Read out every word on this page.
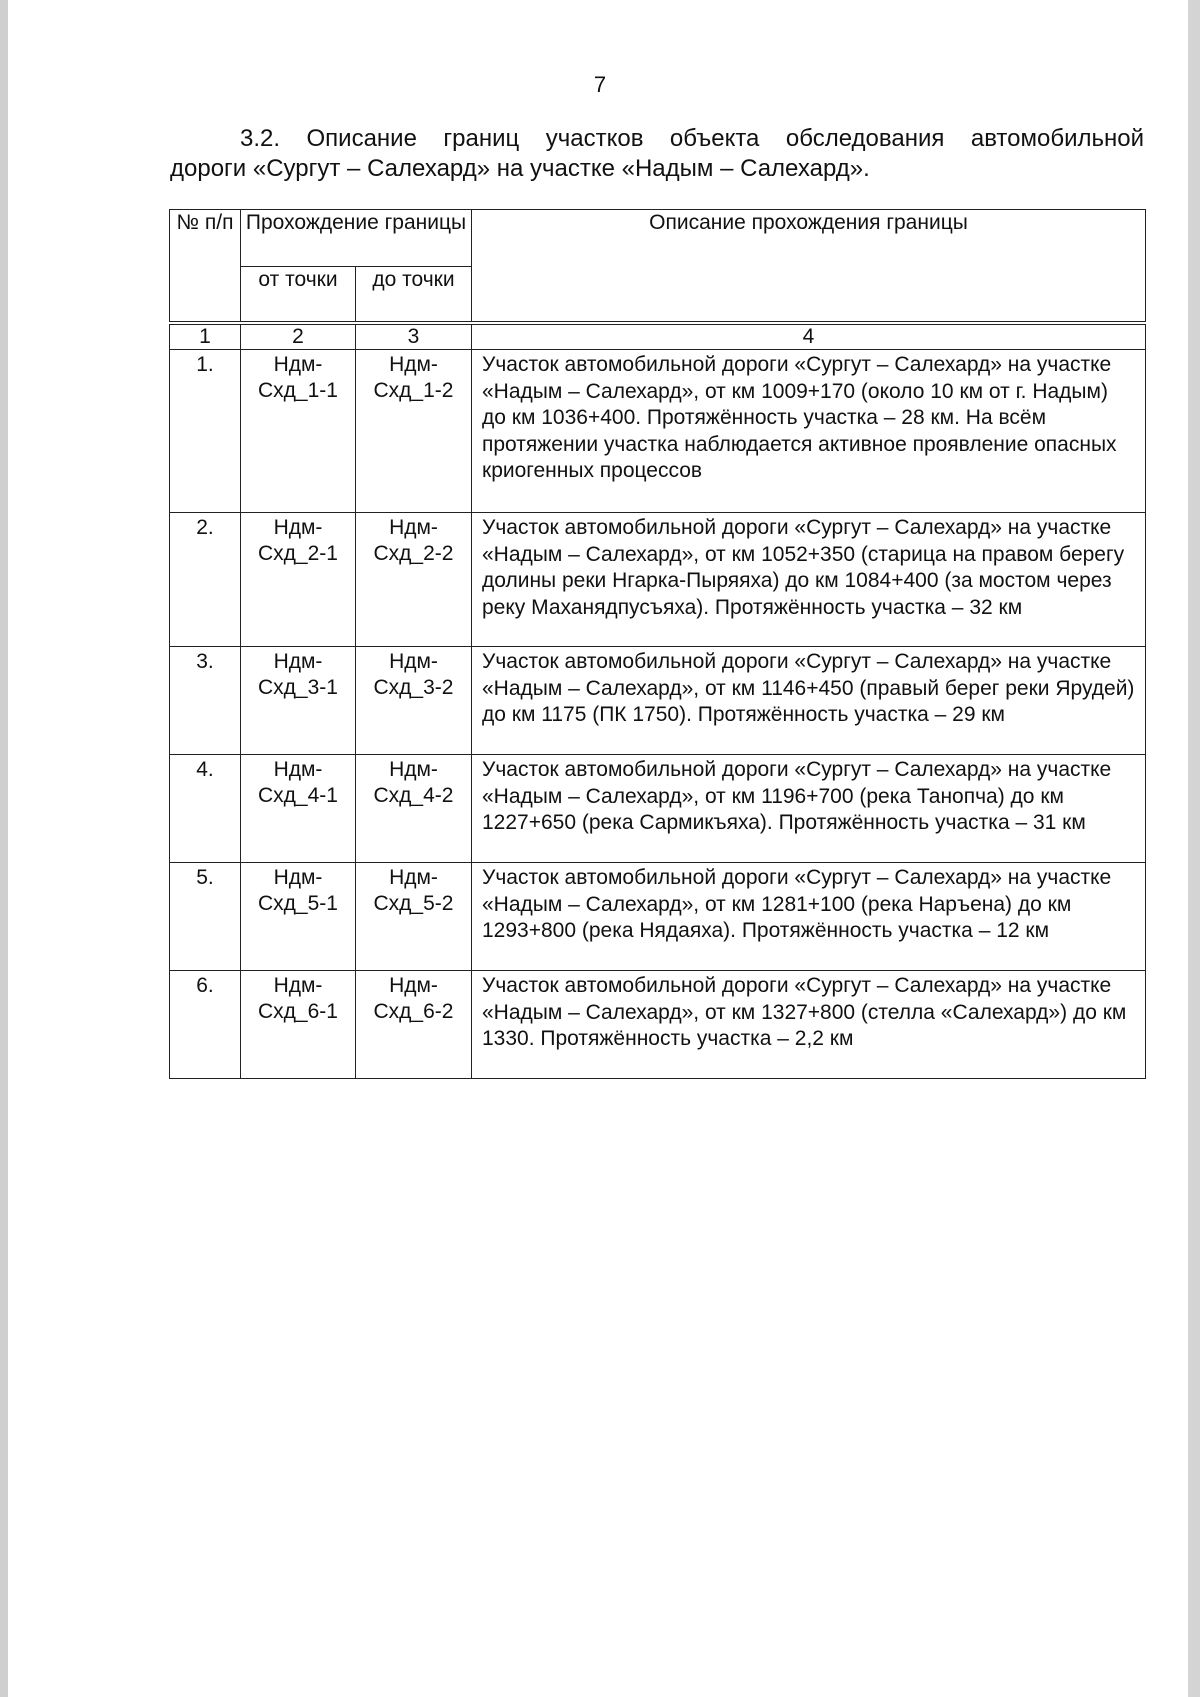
7
3.2. Описание границ участков объекта обследования автомобильной
дороги «Сургут – Салехард» на участке «Надым – Салехард».
№ п/п	Прохождение границы		Описание прохождения границы
	от точки	до точки	
1	2	3	4
1.	Ндм-Схд_1-1	Ндм-Схд_1-2	Участок автомобильной дороги «Сургут – Салехард» на участке «Надым – Салехард», от км 1009+170 (около 10 км от г. Надым) до км 1036+400. Протяжённость участка – 28 км. На всём протяжении участка наблюдается активное проявление опасных криогенных процессов
2.	Ндм-Схд_2-1	Ндм-Схд_2-2	Участок автомобильной дороги «Сургут – Салехард» на участке «Надым – Салехард», от км 1052+350 (старица на правом берегу долины реки Нгарка-Пыряяха) до км 1084+400 (за мостом через реку Маханядпусъяха). Протяжённость участка – 32 км
3.	Ндм-Схд_3-1	Ндм-Схд_3-2	Участок автомобильной дороги «Сургут – Салехард» на участке «Надым – Салехард», от км 1146+450 (правый берег реки Ярудей) до км 1175 (ПК 1750). Протяжённость участка – 29 км
4.	Ндм-Схд_4-1	Ндм-Схд_4-2	Участок автомобильной дороги «Сургут – Салехард» на участке «Надым – Салехард», от км 1196+700 (река Танопча) до км 1227+650 (река Сармикъяха). Протяжённость участка – 31 км
5.	Ндм-Схд_5-1	Ндм-Схд_5-2	Участок автомобильной дороги «Сургут – Салехард» на участке «Надым – Салехард», от км 1281+100 (река Наръена) до км 1293+800 (река Нядаяха). Протяжённость участка – 12 км
6.	Ндм-Схд_6-1	Ндм-Схд_6-2	Участок автомобильной дороги «Сургут – Салехард» на участке «Надым – Салехард», от км 1327+800 (стелла «Салехард») до км 1330. Протяжённость участка – 2,2 км
